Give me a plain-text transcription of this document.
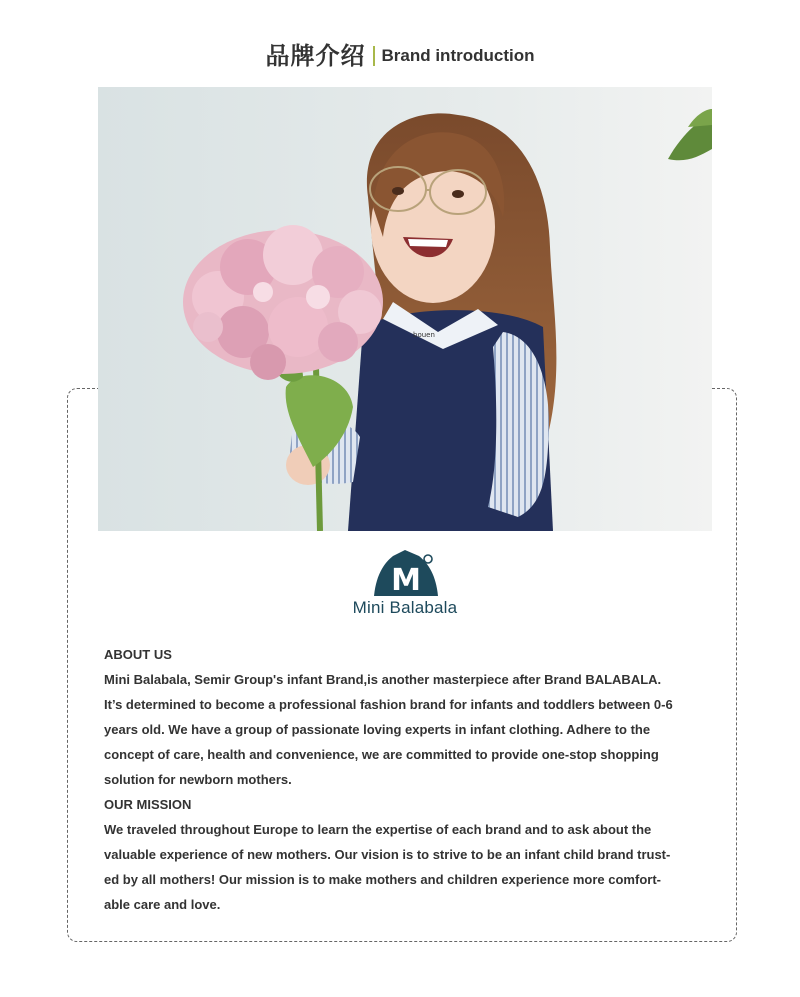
品牌介绍 Brand introduction
bouen
M
Mini Balabala
ABOUT US

Mini Balabala, Semir Group's infant Brand,is another masterpiece after Brand BALABALA.

It’s determined to become a professional fashion brand for infants and toddlers between 0-6

years old. We have a group of passionate loving experts in infant clothing. Adhere to the

concept of care, health and convenience, we are committed to provide one-stop shopping

solution for newborn mothers.

OUR MISSION

We traveled throughout Europe to learn the expertise of each brand and to ask about the

valuable experience of new mothers. Our vision is to strive to be an infant child brand trust-

ed by all mothers! Our mission is to make mothers and children experience more comfort-

able care and love.
